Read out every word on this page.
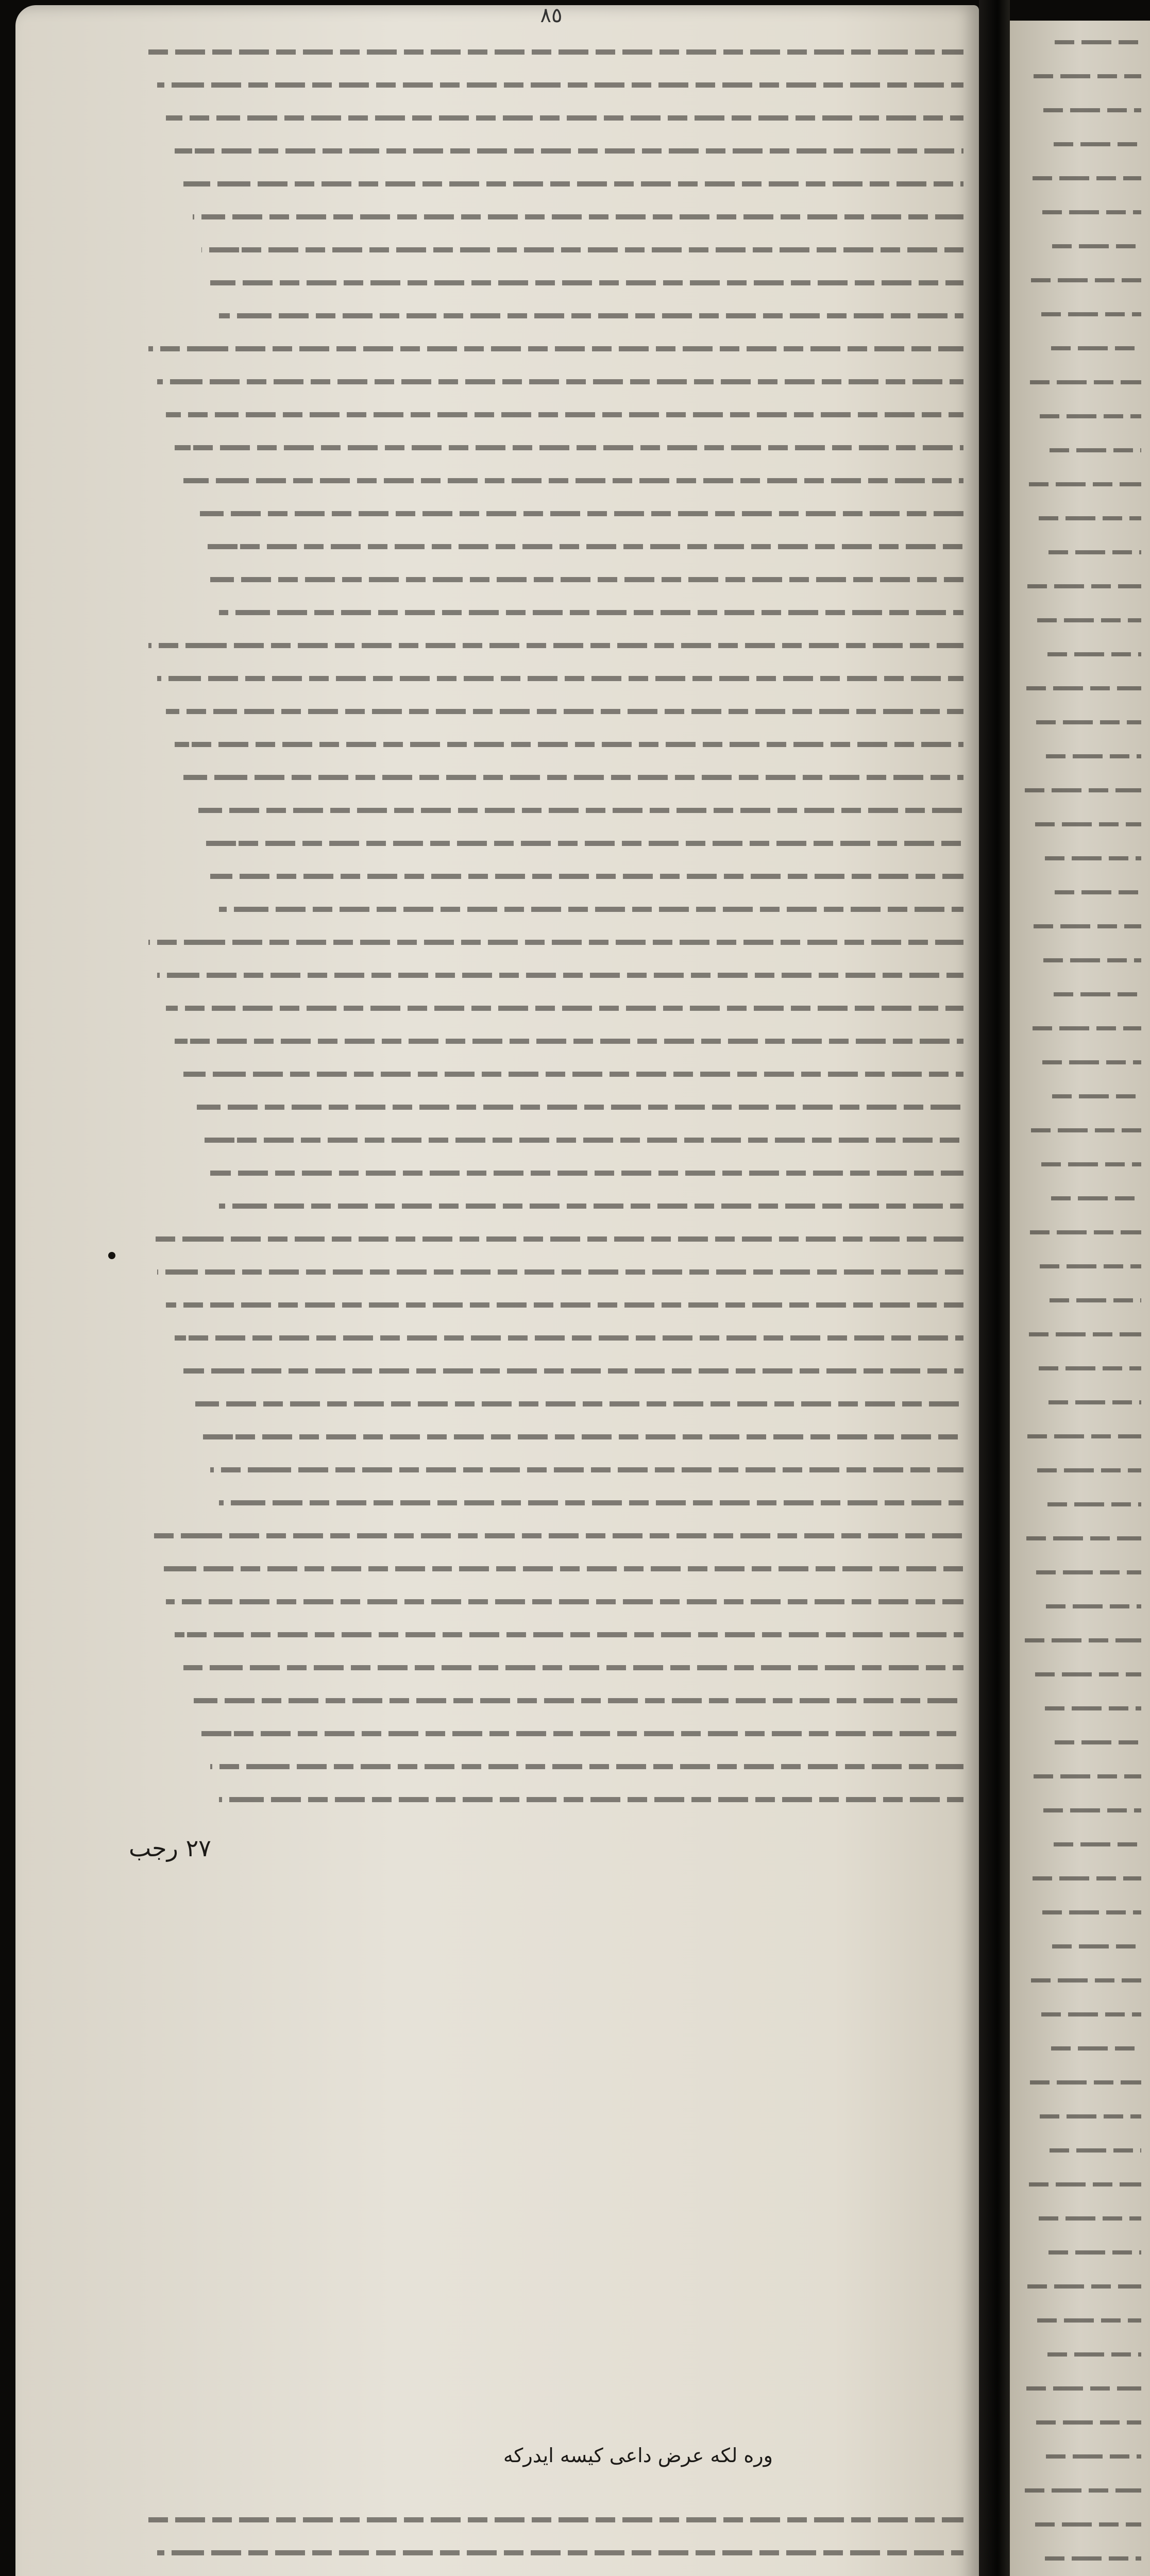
٨٥
٢٧ رجب
وره لکه عرض داعی کیسه ایدرکه
